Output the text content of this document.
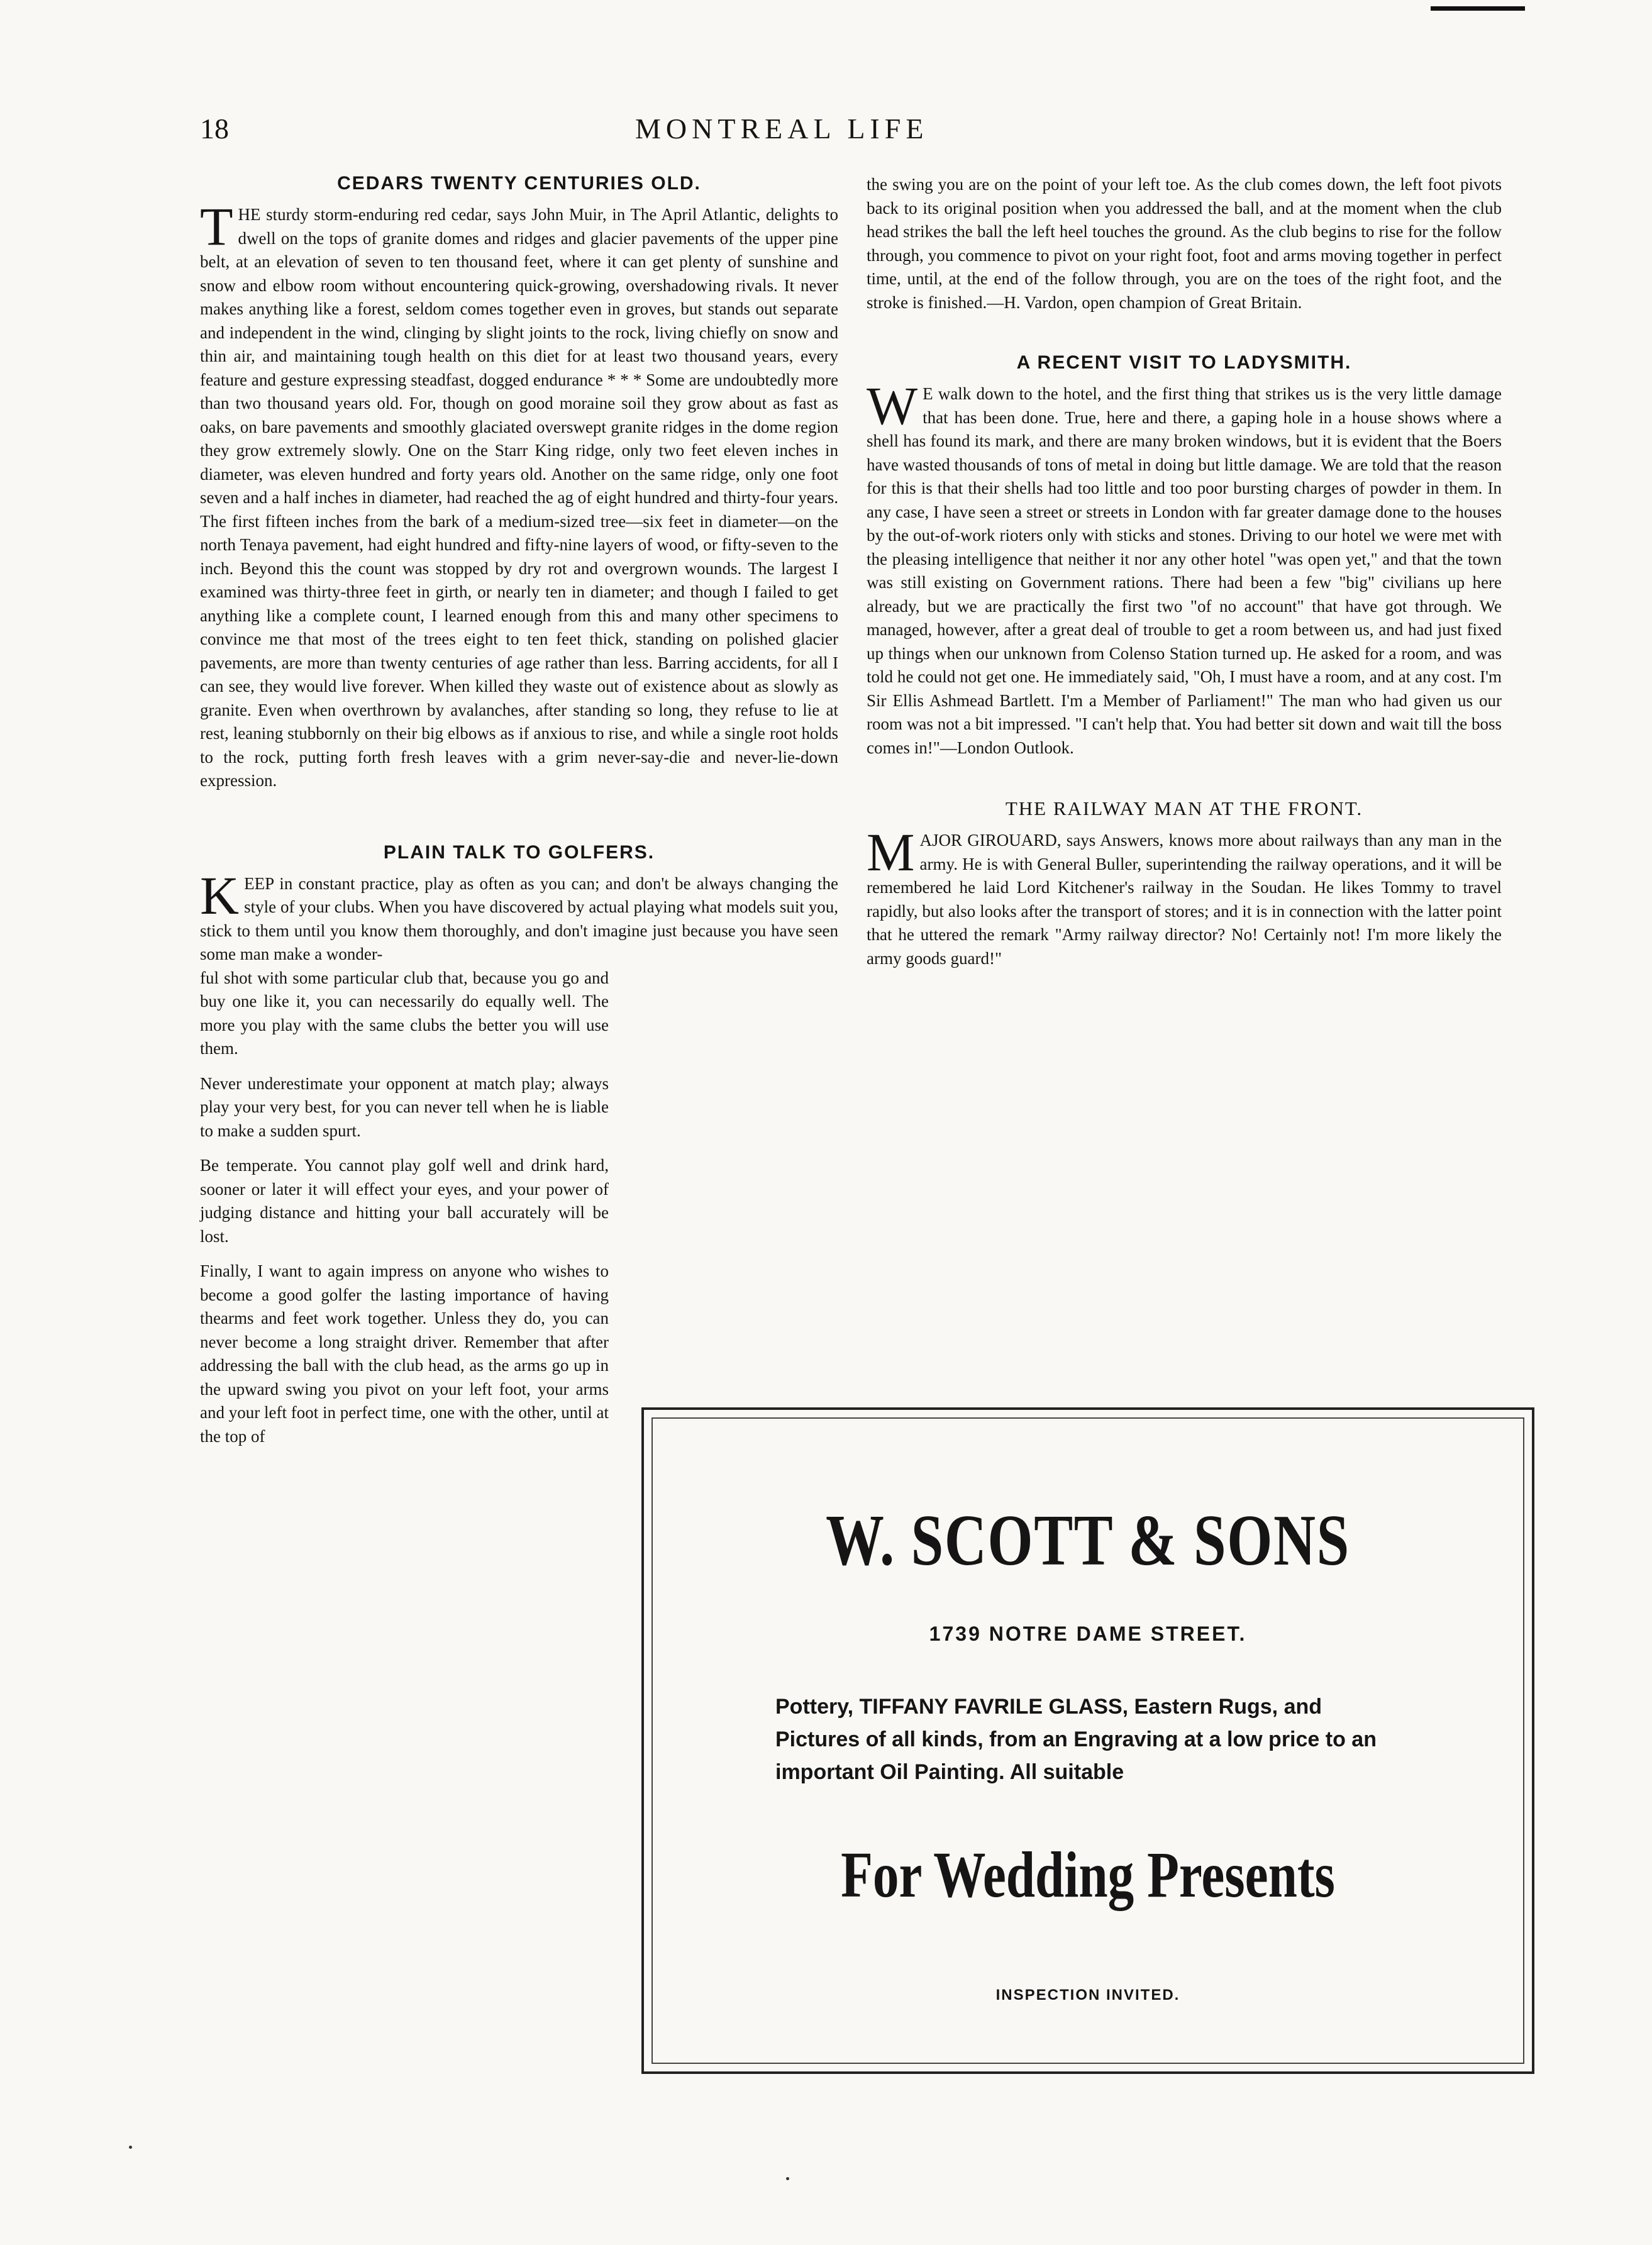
18	MONTREAL LIFE
CEDARS TWENTY CENTURIES OLD.

THE sturdy storm-enduring red cedar, says John Muir, in The April Atlantic, delights to dwell on the tops of granite domes and ridges and glacier pavements of the upper pine belt, at an elevation of seven to ten thousand feet, where it can get plenty of sunshine and snow and elbow room without encountering quick-growing, overshadowing rivals. It never makes anything like a forest, seldom comes together even in groves, but stands out separate and independent in the wind, clinging by slight joints to the rock, living chiefly on snow and thin air, and maintaining tough health on this diet for at least two thousand years, every feature and gesture expressing steadfast, dogged endurance * * * Some are undoubtedly more than two thousand years old. For, though on good moraine soil they grow about as fast as oaks, on bare pavements and smoothly glaciated overswept granite ridges in the dome region they grow extremely slowly. One on the Starr King ridge, only two feet eleven inches in diameter, was eleven hundred and forty years old. Another on the same ridge, only one foot seven and a half inches in diameter, had reached the ag of eight hundred and thirty-four years. The first fifteen inches from the bark of a medium-sized tree—six feet in diameter—on the north Tenaya pavement, had eight hundred and fifty-nine layers of wood, or fifty-seven to the inch. Beyond this the count was stopped by dry rot and overgrown wounds. The largest I examined was thirty-three feet in girth, or nearly ten in diameter; and though I failed to get anything like a complete count, I learned enough from this and many other specimens to convince me that most of the trees eight to ten feet thick, standing on polished glacier pavements, are more than twenty centuries of age rather than less. Barring accidents, for all I can see, they would live forever. When killed they waste out of existence about as slowly as granite. Even when overthrown by avalanches, after standing so long, they refuse to lie at rest, leaning stubbornly on their big elbows as if anxious to rise, and while a single root holds to the rock, putting forth fresh leaves with a grim never-say-die and never-lie-down expression.

PLAIN TALK TO GOLFERS.

KEEP in constant practice, play as often as you can; and don't be always changing the style of your clubs. When you have discovered by actual playing what models suit you, stick to them until you know them thoroughly, and don't imagine just because you have seen some man make a wonder-

ful shot with some particular club that, because you go and buy one like it, you can necessarily do equally well. The more you play with the same clubs the better you will use them.

Never underestimate your opponent at match play; always play your very best, for you can never tell when he is liable to make a sudden spurt.

Be temperate. You cannot play golf well and drink hard, sooner or later it will effect your eyes, and your power of judging distance and hitting your ball accurately will be lost.

Finally, I want to again impress on anyone who wishes to become a good golfer the lasting importance of having thearms and feet work together. Unless they do, you can never become a long straight driver. Remember that after addressing the ball with the club head, as the arms go up in the upward swing you pivot on your left foot, your arms and your left foot in perfect time, one with the other, until at the top of

the swing you are on the point of your left toe. As the club comes down, the left foot pivots back to its original position when you addressed the ball, and at the moment when the club head strikes the ball the left heel touches the ground. As the club begins to rise for the follow through, you commence to pivot on your right foot, foot and arms moving together in perfect time, until, at the end of the follow through, you are on the toes of the right foot, and the stroke is finished.—H. Vardon, open champion of Great Britain.

A RECENT VISIT TO LADYSMITH.

W E walk down to the hotel, and the first thing that strikes us is the very little damage that has been done. True, here and there, a gaping hole in a house shows where a shell has found its mark, and there are many broken windows, but it is evident that the Boers have wasted thousands of tons of metal in doing but little damage. We are told that the reason for this is that their shells had too little and too poor bursting charges of powder in them. In any case, I have seen a street or streets in London with far greater damage done to the houses by the out-of-work rioters only with sticks and stones. Driving to our hotel we were met with the pleasing intelligence that neither it nor any other hotel "was open yet," and that the town was still existing on Government rations. There had been a few "big" civilians up here already, but we are practically the first two "of no account" that have got through. We managed, however, after a great deal of trouble to get a room between us, and had just fixed up things when our unknown from Colenso Station turned up. He asked for a room, and was told he could not get one. He immediately said, "Oh, I must have a room, and at any cost. I'm Sir Ellis Ashmead Bartlett. I'm a Member of Parliament!" The man who had given us our room was not a bit impressed. "I can't help that. You had better sit down and wait till the boss comes in!"—London Outlook.

THE RAILWAY MAN AT THE FRONT.

MAJOR GIROUARD, says Answers, knows more about railways than any man in the army. He is with General Buller, superintending the railway operations, and it will be remembered he laid Lord Kitchener's railway in the Soudan. He likes Tommy to travel rapidly, but also looks after the transport of stores; and it is in connection with the latter point that he uttered the remark "Army railway director? No! Certainly not! I'm more likely the army goods guard!"

W. SCOTT & SONS
1739 NOTRE DAME STREET.
Pottery, TIFFANY FAVRILE GLASS, Eastern Rugs, and Pictures of all kinds, from an Engraving at a low price to an important Oil Painting. All suitable
For Wedding Presents
INSPECTION INVITED.
